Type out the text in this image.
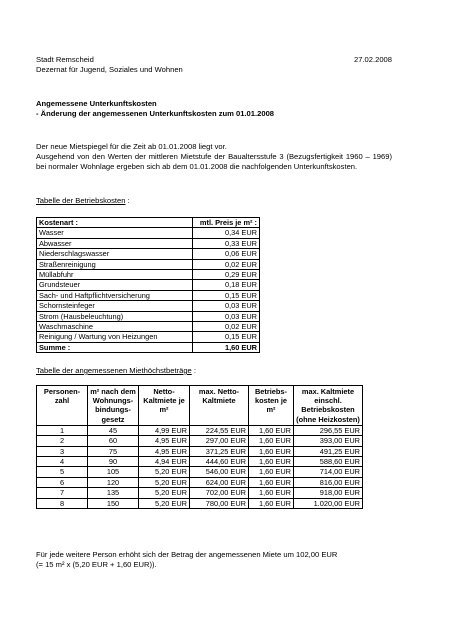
Stadt Remscheid	27.02.2008
Dezernat für Jugend, Soziales und Wohnen
Angemessene Unterkunftskosten
- Änderung der angemessenen Unterkunftskosten zum 01.01.2008

Der neue Mietspiegel für die Zeit ab 01.01.2008 liegt vor.

Ausgehend von den Werten der mittleren Mietstufe der Baualtersstufe 3 (Bezugsfertigkeit 1960 – 1969) bei normaler Wohnlage ergeben sich ab dem 01.01.2008 die nachfolgenden Unterkunftskosten.

Tabelle der Betriebskosten :
Kostenart :	mtl. Preis je m² :
Wasser	0,34 EUR
Abwasser	0,33 EUR
Niederschlagswasser	0,06 EUR
Straßenreinigung	0,02 EUR
Müllabfuhr	0,29 EUR
Grundsteuer	0,18 EUR
Sach- und Haftpflichtversicherung	0,15 EUR
Schornsteinfeger	0,03 EUR
Strom (Hausbeleuchtung)	0,03 EUR
Waschmaschine	0,02 EUR
Reinigung / Wartung von Heizungen	0,15 EUR
Summe :	1,60 EUR
Tabelle der angemessenen Miethöchstbeträge :
Personen- zahl	m² nach dem Wohnungs- bindungs- gesetz	Netto- Kaltmiete je m²	max. Netto- Kaltmiete	Betriebs- kosten je m²	max. Kaltmiete einschl. Betriebskosten (ohne Heizkosten)
1	45	4,99 EUR	224,55 EUR	1,60 EUR	296,55 EUR
2	60	4,95 EUR	297,00 EUR	1,60 EUR	393,00 EUR
3	75	4,95 EUR	371,25 EUR	1,60 EUR	491,25 EUR
4	90	4,94 EUR	444,60 EUR	1,60 EUR	588,60 EUR
5	105	5,20 EUR	546,00 EUR	1,60 EUR	714,00 EUR
6	120	5,20 EUR	624,00 EUR	1,60 EUR	816,00 EUR
7	135	5,20 EUR	702,00 EUR	1,60 EUR	918,00 EUR
8	150	5,20 EUR	780,00 EUR	1,60 EUR	1.020,00 EUR

Für jede weitere Person erhöht sich der Betrag der angemessenen Miete um 102,00 EUR

(= 15 m² x (5,20 EUR + 1,60 EUR)).
